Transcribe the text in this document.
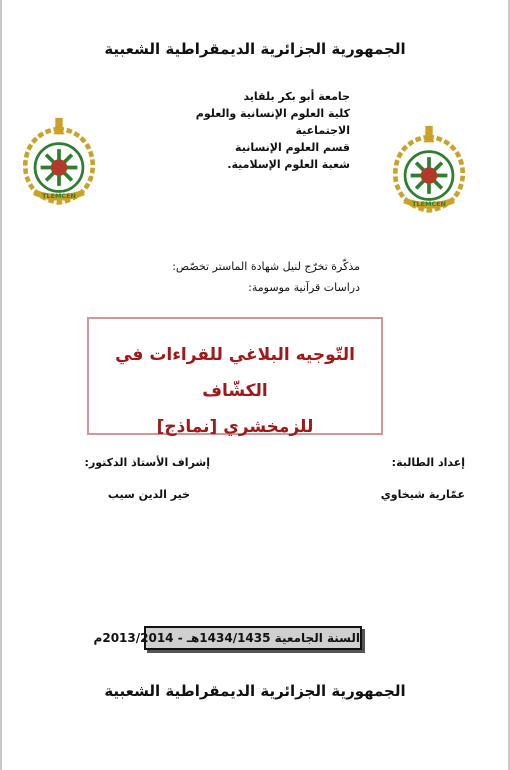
الجمهورية الجزائرية الديمقراطية الشعبية
جامعة أبو بكر بلقايد
كلية العلوم الإنسانية والعلوم الاجتماعية
قسم العلوم الإنسانية
شعبة العلوم الإسلامية.
TLEMCEN
TLEMCEN
مذكّرة تخرّج لنيل شهادة الماستر تخصّص:
دراسات قرآنية موسومة:
التّوجيه البلاغي للقراءات في الكشّاف
للزمخشري [نماذج]
إعداد الطالبة:
إشراف الأستاذ الدكتور:
عمّارية شيخاوي
خير الدين سيب
السنة الجامعية 1434/1435هـ - 2013/2014م
الجمهورية الجزائرية الديمقراطية الشعبية
